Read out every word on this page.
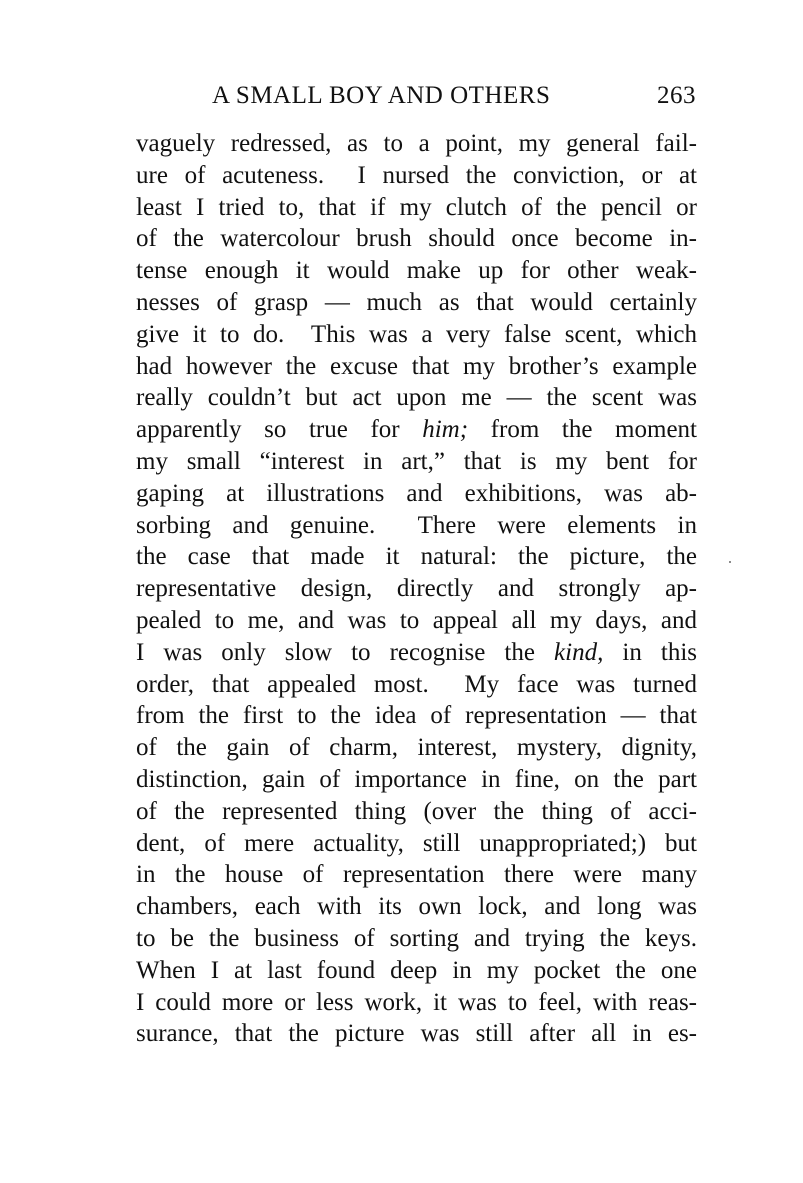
A SMALL BOY AND OTHERS	263
vaguely redressed, as to a point, my general fail-
ure of acuteness.  I nursed the conviction, or at
least I tried to, that if my clutch of the pencil or
of the watercolour brush should once become in-
tense enough it would make up for other weak-
nesses of grasp — much as that would certainly
give it to do.  This was a very false scent, which
had however the excuse that my brother’s example
really couldn’t but act upon me — the scent was
apparently so true for him; from the moment
my small “interest in art,” that is my bent for
gaping at illustrations and exhibitions, was ab-
sorbing and genuine.  There were elements in
the case that made it natural: the picture, the
representative design, directly and strongly ap-
pealed to me, and was to appeal all my days, and
I was only slow to recognise the kind, in this
order, that appealed most.  My face was turned
from the first to the idea of representation — that
of the gain of charm, interest, mystery, dignity,
distinction, gain of importance in fine, on the part
of the represented thing (over the thing of acci-
dent, of mere actuality, still unappropriated;) but
in the house of representation there were many
chambers, each with its own lock, and long was
to be the business of sorting and trying the keys.
When I at last found deep in my pocket the one
I could more or less work, it was to feel, with reas-
surance, that the picture was still after all in es-
